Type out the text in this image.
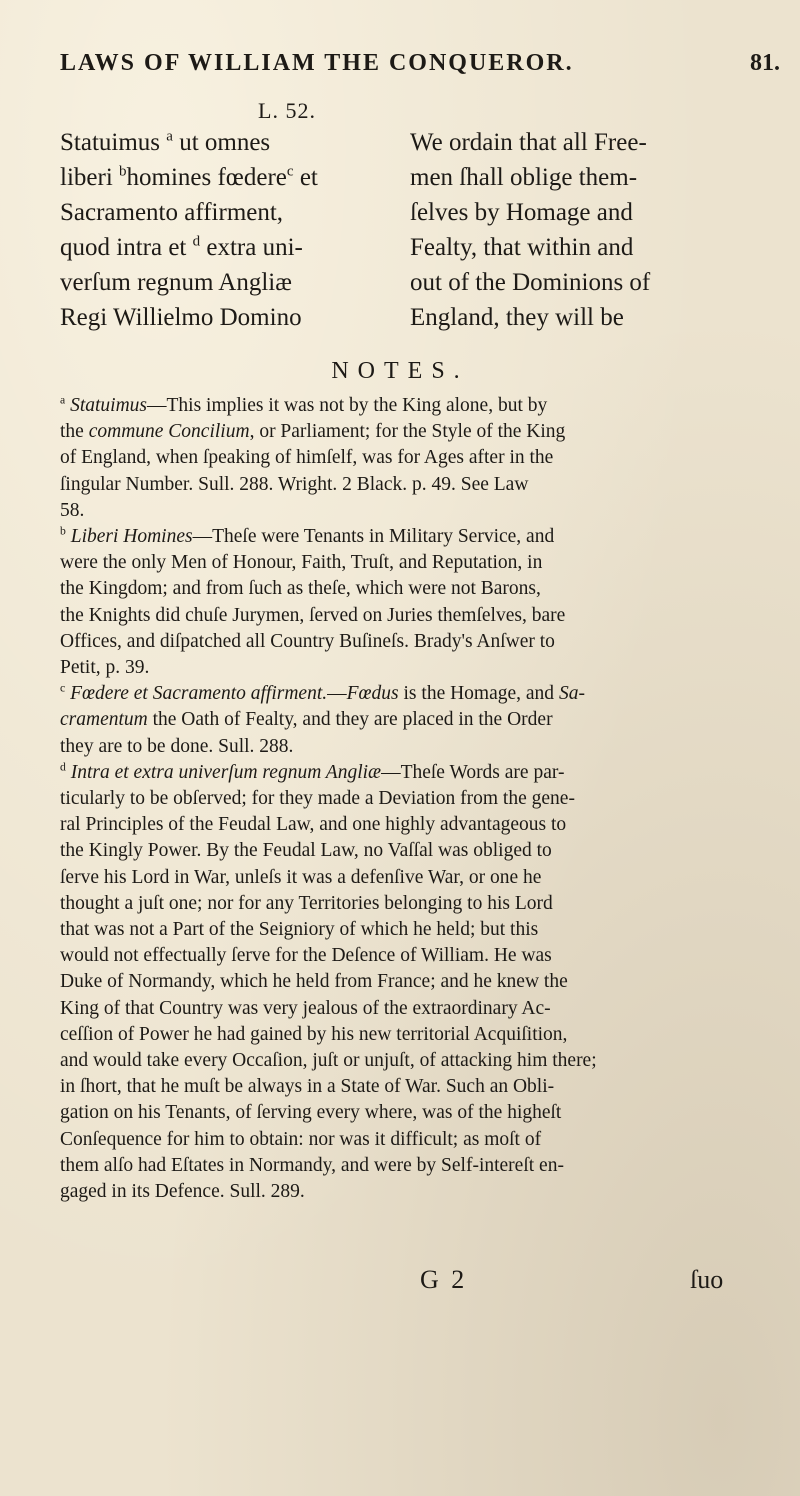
LAWS OF WILLIAM THE CONQUEROR.	81.
L. 52.
Statuimus $^a$ ut omnes
liberi $^b$homines fœdere$^c$ et
Sacramento affirment,
quod intra et $^d$ extra uni-
verſum regnum Angliæ
Regi Willielmo Domino
We ordain that all Free-
men ſhall oblige them-
ſelves by Homage and
Fealty, that within and
out of the Dominions of
England, they will be
NOTES.
$^a$ Statuimus—This implies it was not by the King alone, but by
the commune Concilium, or Parliament; for the Style of the King
of England, when ſpeaking of himſelf, was for Ages after in the
ſingular Number. Sull. 288. Wright. 2 Black. p. 49. See Law
58.
$^b$ Liberi Homines—Theſe were Tenants in Military Service, and
were the only Men of Honour, Faith, Truſt, and Reputation, in
the Kingdom; and from ſuch as theſe, which were not Barons,
the Knights did chuſe Jurymen, ſerved on Juries themſelves, bare
Offices, and diſpatched all Country Buſineſs. Brady's Anſwer to
Petit, p. 39.
$^c$ Fœdere et Sacramento affirment.—Fœdus is the Homage, and Sa-
cramentum the Oath of Fealty, and they are placed in the Order
they are to be done. Sull. 288.
$^d$ Intra et extra univerſum regnum Angliæ—Theſe Words are par-
ticularly to be obſerved; for they made a Deviation from the gene-
ral Principles of the Feudal Law, and one highly advantageous to
the Kingly Power. By the Feudal Law, no Vaſſal was obliged to
ſerve his Lord in War, unleſs it was a defenſive War, or one he
thought a juſt one; nor for any Territories belonging to his Lord
that was not a Part of the Seigniory of which he held; but this
would not effectually ſerve for the Deſence of William. He was
Duke of Normandy, which he held from France; and he knew the
King of that Country was very jealous of the extraordinary Ac-
ceſſion of Power he had gained by his new territorial Acquiſition,
and would take every Occaſion, juſt or unjuſt, of attacking him there;
in ſhort, that he muſt be always in a State of War. Such an Obli-
gation on his Tenants, of ſerving every where, was of the higheſt
Conſequence for him to obtain: nor was it difficult; as moſt of
them alſo had Eſtates in Normandy, and were by Self-intereſt en-
gaged in its Defence. Sull. 289.
G 2	ſuo
